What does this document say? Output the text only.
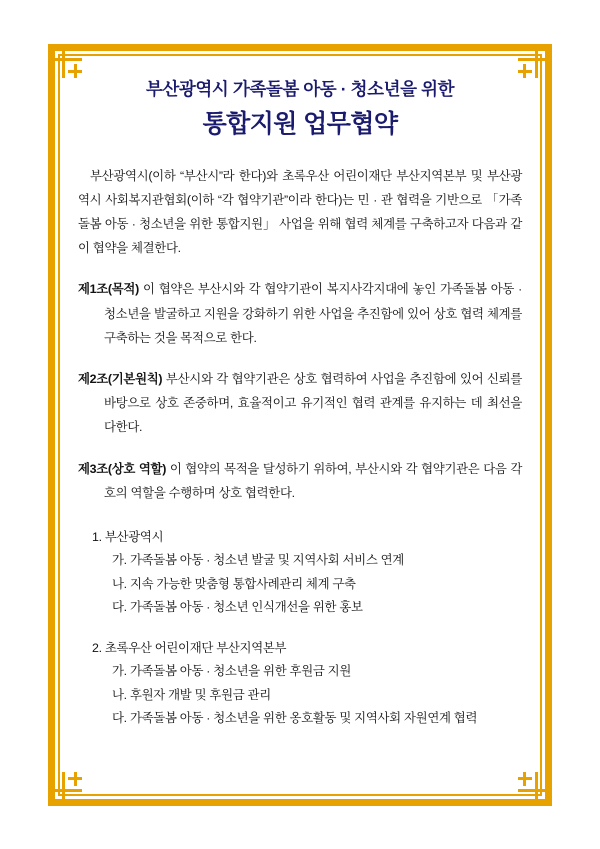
부산광역시 가족돌봄 아동 · 청소년을 위한
통합지원 업무협약
부산광역시(이하 “부산시”라 한다)와 초록우산 어린이재단 부산지역본부 및 부산광역시 사회복지관협회(이하 “각 협약기관”이라 한다)는 민 · 관 협력을 기반으로 「가족돌봄 아동 · 청소년을 위한 통합지원」 사업을 위해 협력 체계를 구축하고자 다음과 같이 협약을 체결한다.
제1조(목적) 이 협약은 부산시와 각 협약기관이 복지사각지대에 놓인 가족돌봄 아동 · 청소년을 발굴하고 지원을 강화하기 위한 사업을 추진함에 있어 상호 협력 체계를 구축하는 것을 목적으로 한다.
제2조(기본원칙) 부산시와 각 협약기관은 상호 협력하여 사업을 추진함에 있어 신뢰를 바탕으로 상호 존중하며, 효율적이고 유기적인 협력 관계를 유지하는 데 최선을 다한다.
제3조(상호 역할) 이 협약의 목적을 달성하기 위하여, 부산시와 각 협약기관은 다음 각 호의 역할을 수행하며 상호 협력한다.
1. 부산광역시
가. 가족돌봄 아동 · 청소년 발굴 및 지역사회 서비스 연계
나. 지속 가능한 맞춤형 통합사례관리 체계 구축
다. 가족돌봄 아동 · 청소년 인식개선을 위한 홍보
2. 초록우산 어린이재단 부산지역본부
가. 가족돌봄 아동 · 청소년을 위한 후원금 지원
나. 후원자 개발 및 후원금 관리
다. 가족돌봄 아동 · 청소년을 위한 옹호활동 및 지역사회 자원연계 협력
